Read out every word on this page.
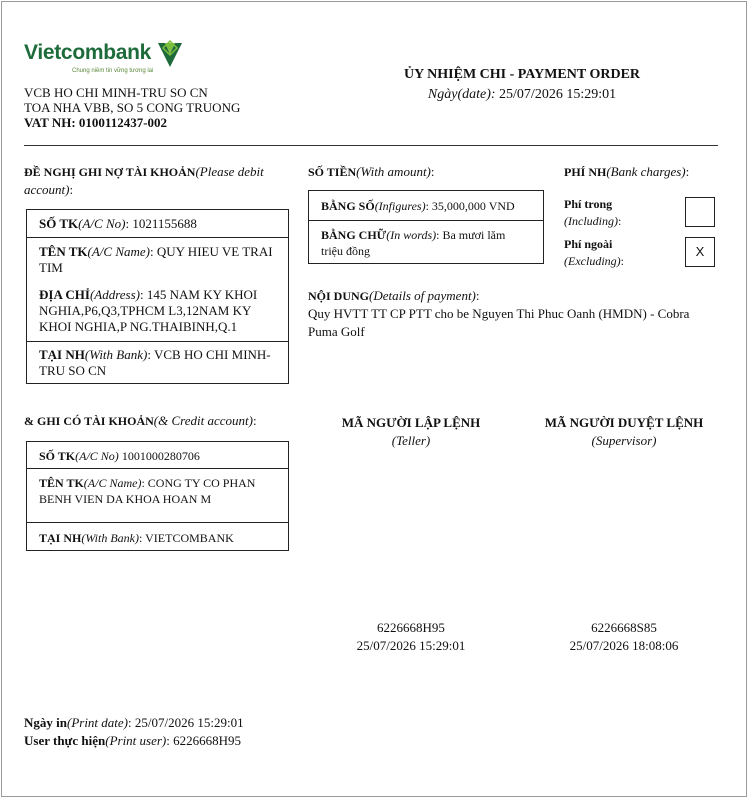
Vietcombank
Chung niềm tin vững tương lai
VCB HO CHI MINH-TRU SO CN
TOA NHA VBB, SO 5 CONG TRUONG
VAT NH: 0100112437-002
ỦY NHIỆM CHI - PAYMENT ORDER
Ngày(date): 25/07/2026 15:29:01
ĐỀ NGHỊ GHI NỢ TÀI KHOẢN(Please debit
account):
SỐ TK(A/C No): 1021155688
TÊN TK(A/C Name): QUY HIEU VE TRAI
TIM
ĐỊA CHỈ(Address): 145 NAM KY KHOI
NGHIA,P6,Q3,TPHCM L3,12NAM KY
KHOI NGHIA,P NG.THAIBINH,Q.1
TẠI NH(With Bank): VCB HO CHI MINH-
TRU SO CN
SỐ TIỀN(With amount):
BẰNG SỐ(Infigures): 35,000,000 VND
BẰNG CHỮ(In words): Ba mươi lăm
triệu đồng
PHÍ NH(Bank charges):
Phí trong
(Including):
Phí ngoài
(Excluding):
X
NỘI DUNG(Details of payment):
Quy HVTT TT CP PTT cho be Nguyen Thi Phuc Oanh (HMDN) - Cobra
Puma Golf
& GHI CÓ TÀI KHOẢN(& Credit account):
SỐ TK(A/C No) 1001000280706
TÊN TK(A/C Name): CONG TY CO PHAN
BENH VIEN DA KHOA HOAN M
TẠI NH(With Bank): VIETCOMBANK
MÃ NGƯỜI LẬP LỆNH
(Teller)
6226668H95
25/07/2026 15:29:01
MÃ NGƯỜI DUYỆT LỆNH
(Supervisor)
6226668S85
25/07/2026 18:08:06
Ngày in(Print date): 25/07/2026 15:29:01
User thực hiện(Print user): 6226668H95
